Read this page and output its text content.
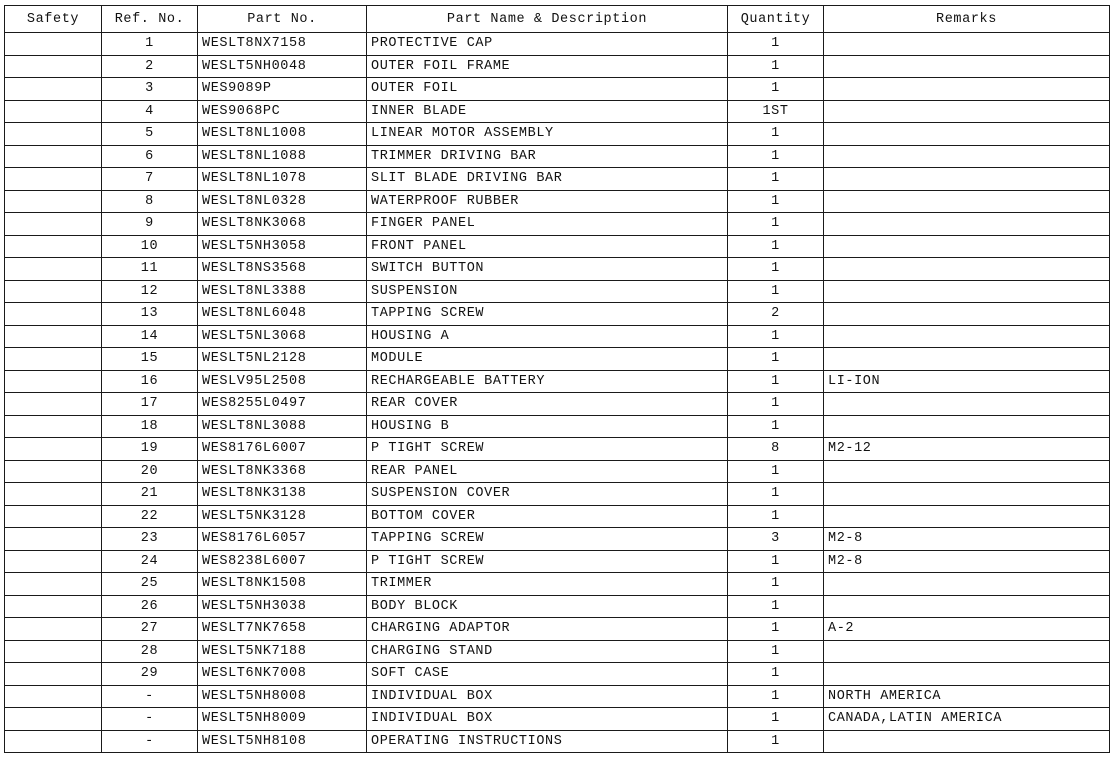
Safety	Ref. No.	Part No.	Part Name & Description	Quantity	Remarks
	1	WESLT8NX7158	PROTECTIVE CAP	1	
	2	WESLT5NH0048	OUTER FOIL FRAME	1	
	3	WES9089P	OUTER FOIL	1	
	4	WES9068PC	INNER BLADE	1ST	
	5	WESLT8NL1008	LINEAR MOTOR ASSEMBLY	1	
	6	WESLT8NL1088	TRIMMER DRIVING BAR	1	
	7	WESLT8NL1078	SLIT BLADE DRIVING BAR	1	
	8	WESLT8NL0328	WATERPROOF RUBBER	1	
	9	WESLT8NK3068	FINGER PANEL	1	
	10	WESLT5NH3058	FRONT PANEL	1	
	11	WESLT8NS3568	SWITCH BUTTON	1	
	12	WESLT8NL3388	SUSPENSION	1	
	13	WESLT8NL6048	TAPPING SCREW	2	
	14	WESLT5NL3068	HOUSING A	1	
	15	WESLT5NL2128	MODULE	1	
	16	WESLV95L2508	RECHARGEABLE BATTERY	1	LI-ION
	17	WES8255L0497	REAR COVER	1	
	18	WESLT8NL3088	HOUSING B	1	
	19	WES8176L6007	P TIGHT SCREW	8	M2-12
	20	WESLT8NK3368	REAR PANEL	1	
	21	WESLT8NK3138	SUSPENSION COVER	1	
	22	WESLT5NK3128	BOTTOM COVER	1	
	23	WES8176L6057	TAPPING SCREW	3	M2-8
	24	WES8238L6007	P TIGHT SCREW	1	M2-8
	25	WESLT8NK1508	TRIMMER	1	
	26	WESLT5NH3038	BODY BLOCK	1	
	27	WESLT7NK7658	CHARGING ADAPTOR	1	A-2
	28	WESLT5NK7188	CHARGING STAND	1	
	29	WESLT6NK7008	SOFT CASE	1	
	-	WESLT5NH8008	INDIVIDUAL BOX	1	NORTH AMERICA
	-	WESLT5NH8009	INDIVIDUAL BOX	1	CANADA,LATIN AMERICA
	-	WESLT5NH8108	OPERATING INSTRUCTIONS	1	
